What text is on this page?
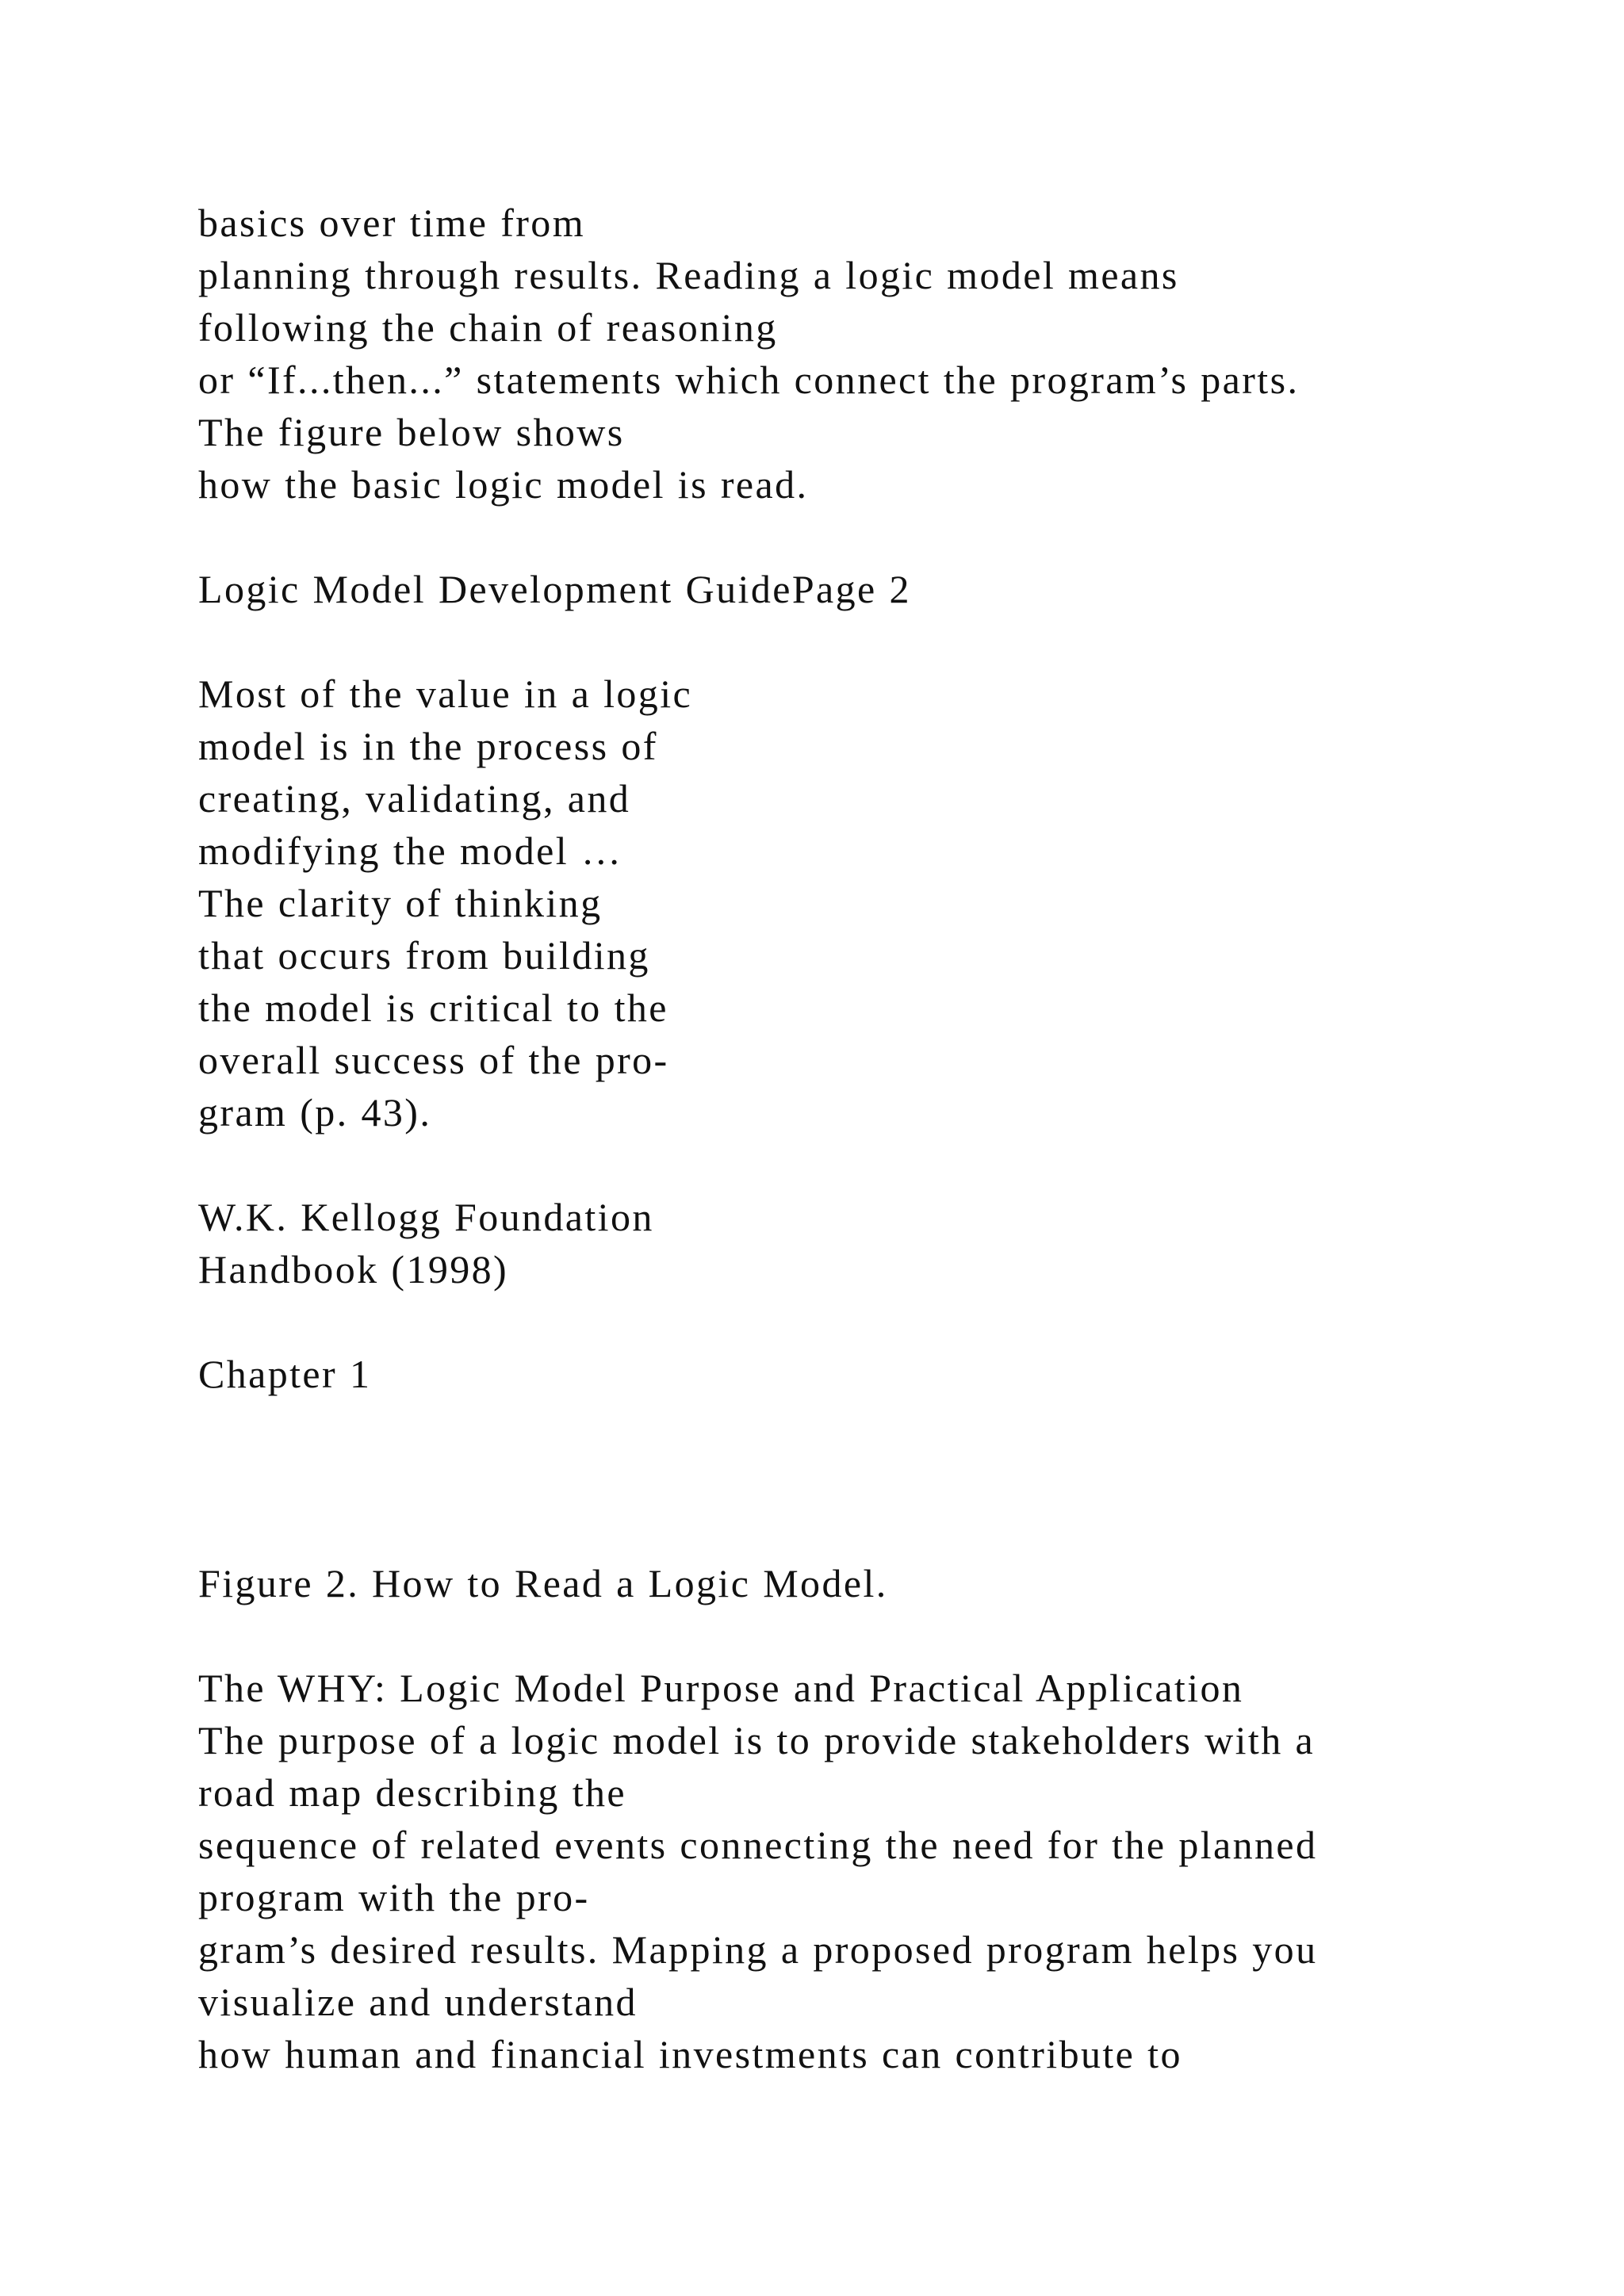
basics over time from
planning through results. Reading a logic model means
following the chain of reasoning
or “If...then...” statements which connect the program’s parts.
The figure below shows
how the basic logic model is read.
Logic Model Development GuidePage 2
Most of the value in a logic
model is in the process of
creating, validating, and
modifying the model …
The clarity of thinking
that occurs from building
the model is critical to the
overall success of the pro-
gram (p. 43).
W.K. Kellogg Foundation
Handbook (1998)
Chapter 1
Figure 2. How to Read a Logic Model.
The WHY: Logic Model Purpose and Practical Application
The purpose of a logic model is to provide stakeholders with a
road map describing the
sequence of related events connecting the need for the planned
program with the pro-
gram’s desired results. Mapping a proposed program helps you
visualize and understand
how human and financial investments can contribute to
